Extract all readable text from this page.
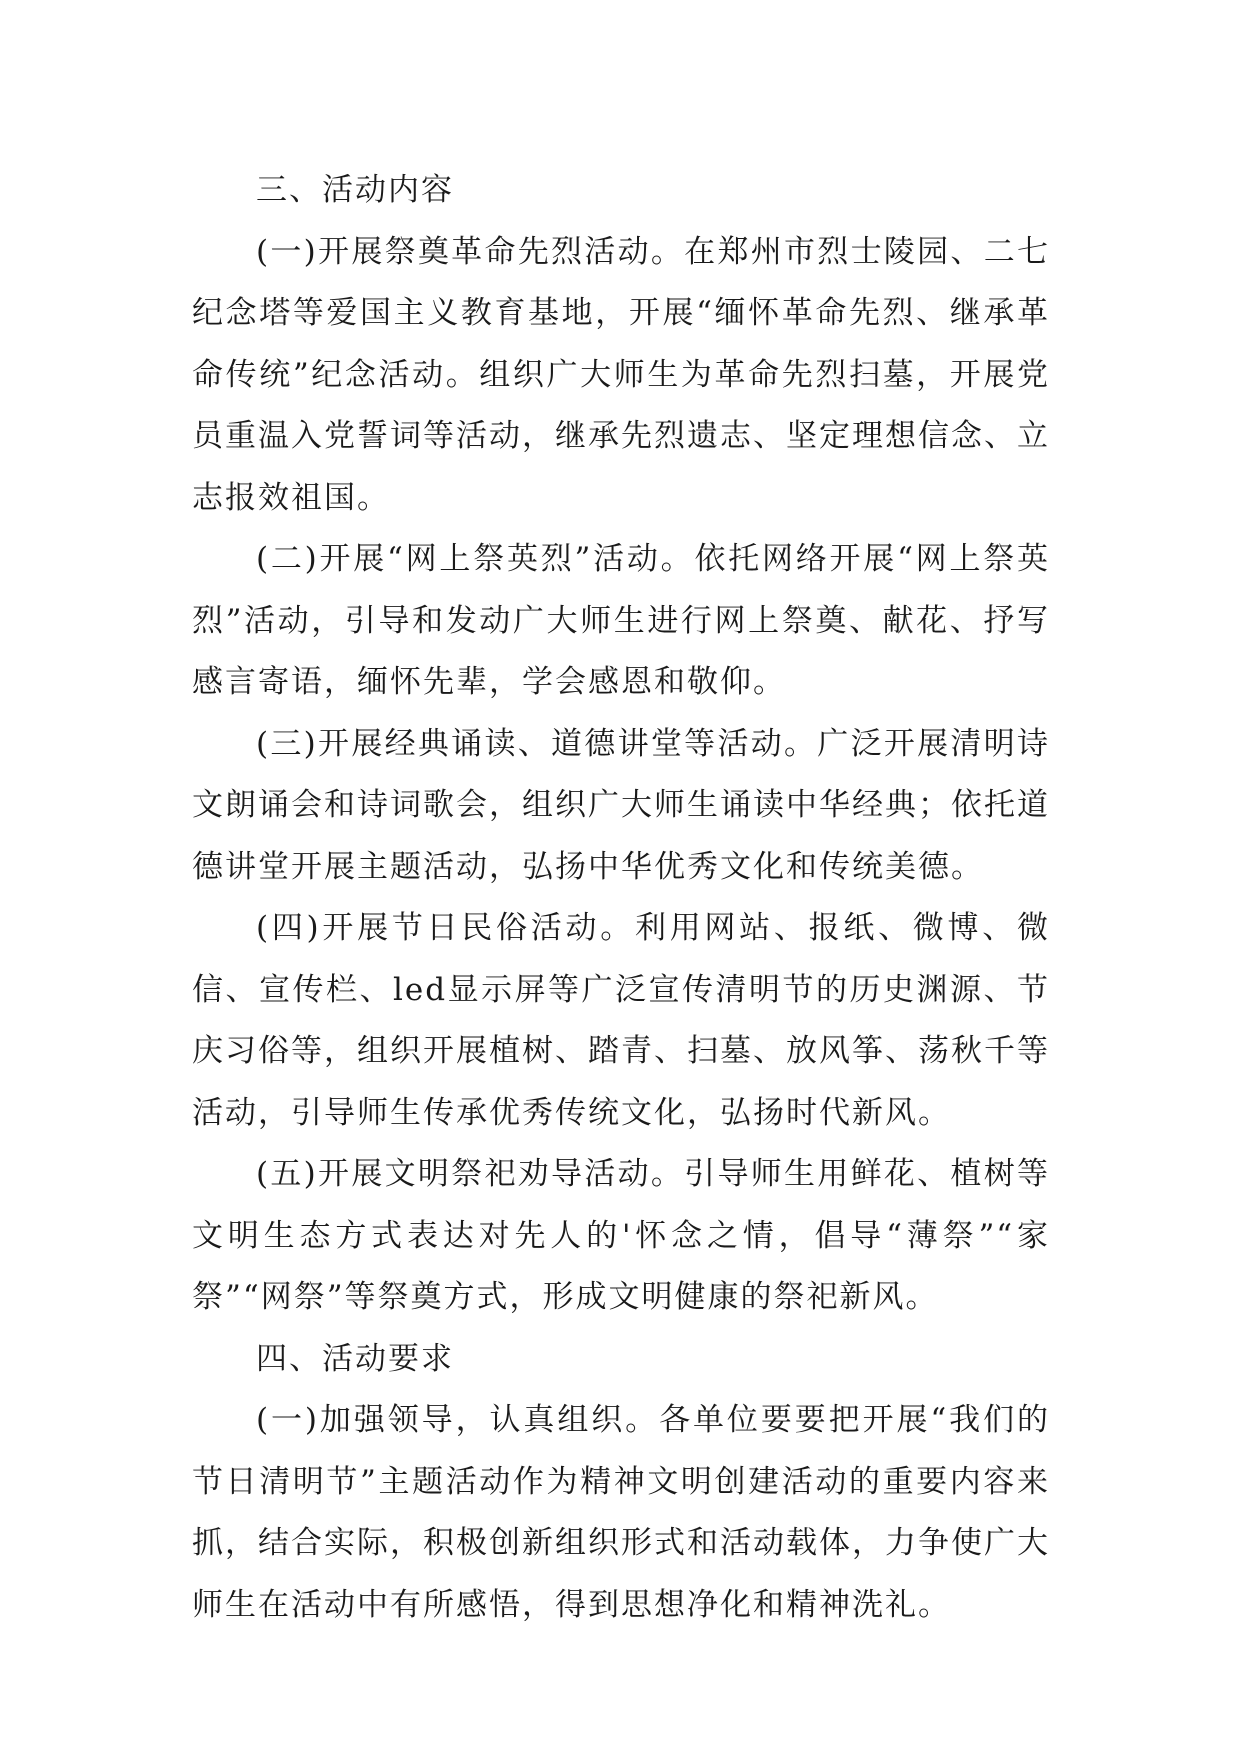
三、活动内容

(一)开展祭奠革命先烈活动。在郑州市烈士陵园、二七纪念塔等爱国主义教育基地，开展“缅怀革命先烈、继承革命传统”纪念活动。组织广大师生为革命先烈扫墓，开展党员重温入党誓词等活动，继承先烈遗志、坚定理想信念、立志报效祖国。

(二)开展“网上祭英烈”活动。依托网络开展“网上祭英烈”活动，引导和发动广大师生进行网上祭奠、献花、抒写感言寄语，缅怀先辈，学会感恩和敬仰。

(三)开展经典诵读、道德讲堂等活动。广泛开展清明诗文朗诵会和诗词歌会，组织广大师生诵读中华经典；依托道德讲堂开展主题活动，弘扬中华优秀文化和传统美德。

(四)开展节日民俗活动。利用网站、报纸、微博、微信、宣传栏、led显示屏等广泛宣传清明节的历史渊源、节庆习俗等，组织开展植树、踏青、扫墓、放风筝、荡秋千等活动，引导师生传承优秀传统文化，弘扬时代新风。

(五)开展文明祭祀劝导活动。引导师生用鲜花、植树等文明生态方式表达对先人的'怀念之情，倡导“薄祭”“家祭”“网祭”等祭奠方式，形成文明健康的祭祀新风。

四、活动要求

(一)加强领导，认真组织。各单位要要把开展“我们的节日清明节”主题活动作为精神文明创建活动的重要内容来抓，结合实际，积极创新组织形式和活动载体，力争使广大师生在活动中有所感悟，得到思想净化和精神洗礼。
